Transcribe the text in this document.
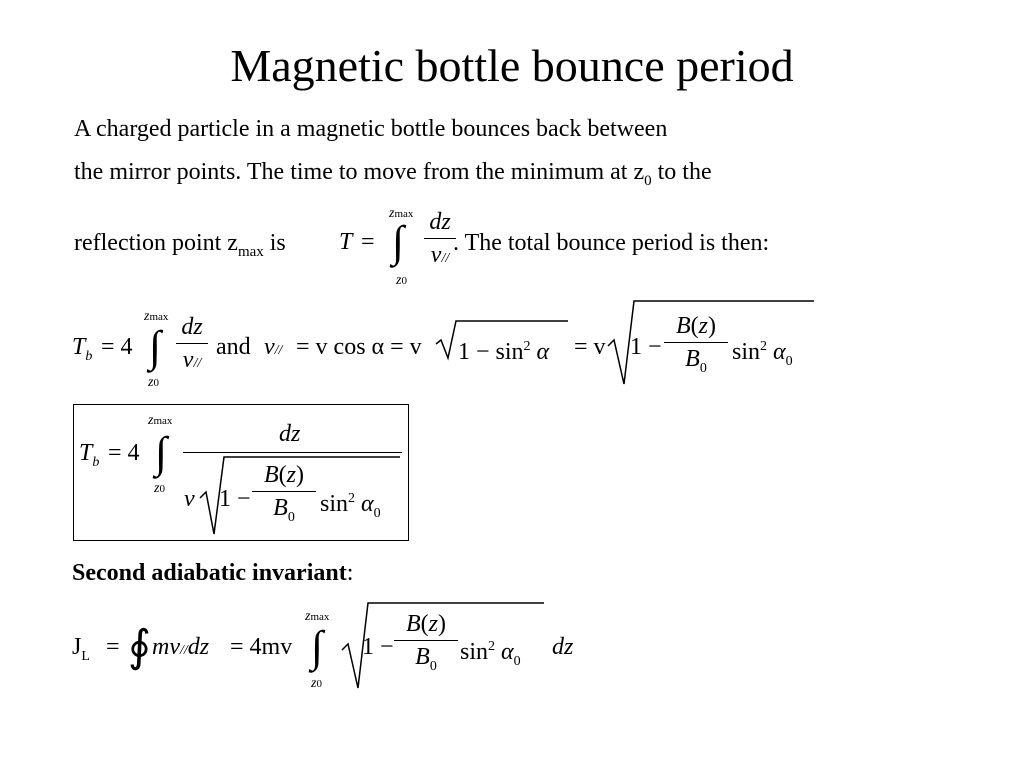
Magnetic bottle bounce period
A charged particle in a magnetic bottle bounces back between
the mirror points. The time to move from the minimum at $z_0$ to the
reflection point $z_{max}$ is T = ∫
zmax
z0
dz
v//
. The total bounce period is then:
$T_b = 4$ ∫
zmax
z0
dz
v//
and v// = v cos α = v $1 - \sin^2 \alpha = v$ 1 −
B(z)
$B_0$
$\sin^2 \alpha_0$
$T_b = 4$ ∫
zmax
z0
dz
v 1 −
B(z)
$B_0$
$\sin^2 \alpha_0$
Second adiabatic invariant:
$J_L$ = ∮ mv//dz = 4mv ∫
zmax
z0
1 −
B(z)
$B_0$
$\sin^2 \alpha_0$
dz
